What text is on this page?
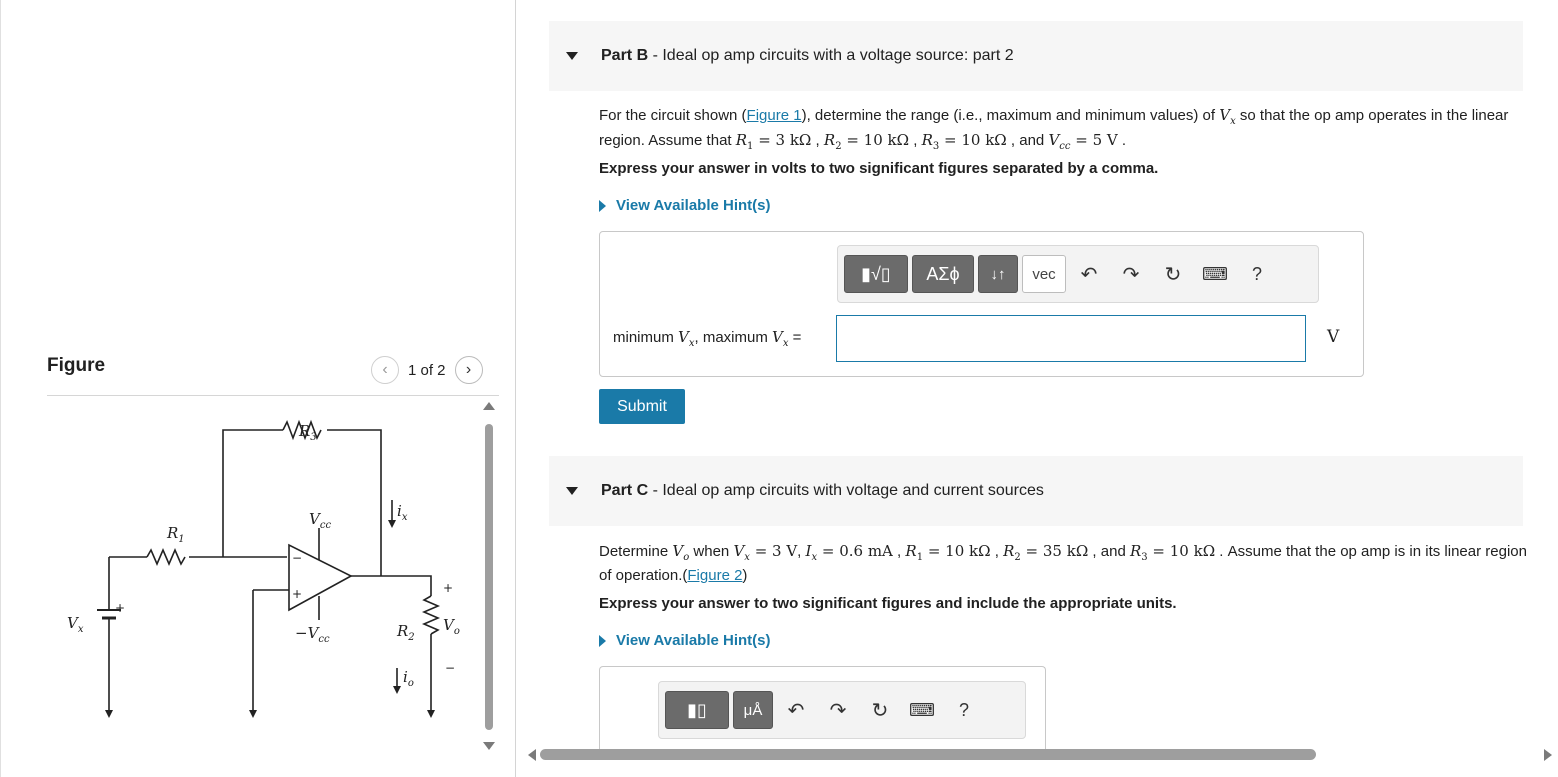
Figure	‹ 1 of 2 ›
$R_3$
$R_1$
$R_2$
$V_x$
$V_{cc}$
$-V_{cc}$
$i_x$
$i_o$
$V_o$
+
−
+	+
−
Part B - Ideal op amp circuits with a voltage source: part 2
For the circuit shown (Figure 1), determine the range (i.e., maximum and minimum values) of $V_x$ so that the op amp operates in the linear region. Assume that $R_1 = 3$ kΩ , $R_2 = 10$ kΩ , $R_3 = 10$ kΩ , and $V_{cc} = 5$ V .
Express your answer in volts to two significant figures separated by a comma.
View Available Hint(s)
▮√▯ ΑΣϕ ↓↑ vec ↶ ↷ ↻ ⌨ ?
minimum $V_x$, maximum $V_x$ =	V
Submit
Part C - Ideal op amp circuits with voltage and current sources
Determine $V_o$ when $V_x = 3$ V, $I_x = 0.6$ mA , $R_1 = 10$ kΩ , $R_2 = 35$ kΩ , and $R_3 = 10$ kΩ . Assume that the op amp is in its linear region of operation.(Figure 2)
Express your answer to two significant figures and include the appropriate units.
View Available Hint(s)
▮▯ μÅ ↶ ↷ ↻ ⌨ ?
